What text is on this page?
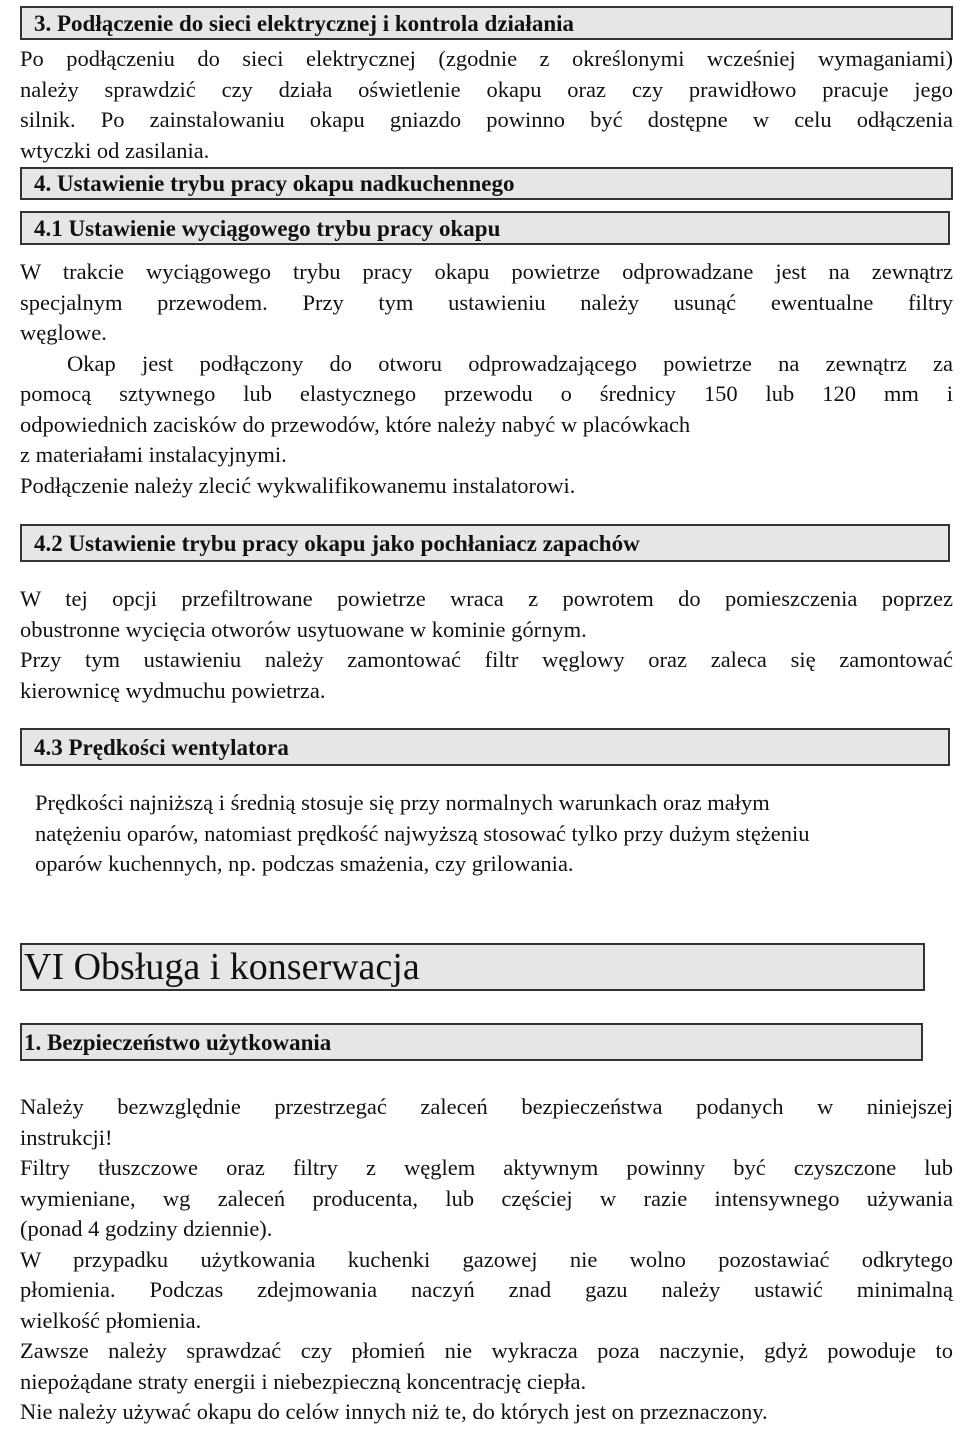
3. Podłączenie do sieci elektrycznej i kontrola działania
Po podłączeniu do sieci elektrycznej (zgodnie z określonymi wcześniej wymaganiami)
należy sprawdzić czy działa oświetlenie okapu oraz czy prawidłowo pracuje jego
silnik. Po zainstalowaniu okapu gniazdo powinno być dostępne w celu odłączenia
wtyczki od zasilania.
4. Ustawienie trybu pracy okapu nadkuchennego
4.1 Ustawienie wyciągowego trybu pracy okapu
W trakcie wyciągowego trybu pracy okapu powietrze odprowadzane jest na zewnątrz
specjalnym przewodem. Przy tym ustawieniu należy usunąć ewentualne filtry
węglowe.
Okap jest podłączony do otworu odprowadzającego powietrze na zewnątrz za
pomocą sztywnego lub elastycznego przewodu o średnicy 150 lub 120 mm i
odpowiednich zacisków do przewodów, które należy nabyć w placówkach
z materiałami instalacyjnymi.
Podłączenie należy zlecić wykwalifikowanemu instalatorowi.
4.2 Ustawienie trybu pracy okapu jako pochłaniacz zapachów
W tej opcji przefiltrowane powietrze wraca z powrotem do pomieszczenia poprzez
obustronne wycięcia otworów usytuowane w kominie górnym.
Przy tym ustawieniu należy zamontować filtr węglowy oraz zaleca się zamontować
kierownicę wydmuchu powietrza.
4.3 Prędkości wentylatora
Prędkości najniższą i średnią stosuje się przy normalnych warunkach oraz małym
natężeniu oparów, natomiast prędkość najwyższą stosować tylko przy dużym stężeniu
oparów kuchennych, np. podczas smażenia, czy grilowania.
VI Obsługa i konserwacja
1. Bezpieczeństwo użytkowania
Należy bezwzględnie przestrzegać zaleceń bezpieczeństwa podanych w niniejszej
instrukcji!
Filtry tłuszczowe oraz filtry z węglem aktywnym powinny być czyszczone lub
wymieniane, wg zaleceń producenta, lub częściej w razie intensywnego używania
(ponad 4 godziny dziennie).
W przypadku użytkowania kuchenki gazowej nie wolno pozostawiać odkrytego
płomienia. Podczas zdejmowania naczyń znad gazu należy ustawić minimalną
wielkość płomienia.
Zawsze należy sprawdzać czy płomień nie wykracza poza naczynie, gdyż powoduje to
niepożądane straty energii i niebezpieczną koncentrację ciepła.
Nie należy używać okapu do celów innych niż te, do których jest on przeznaczony.
